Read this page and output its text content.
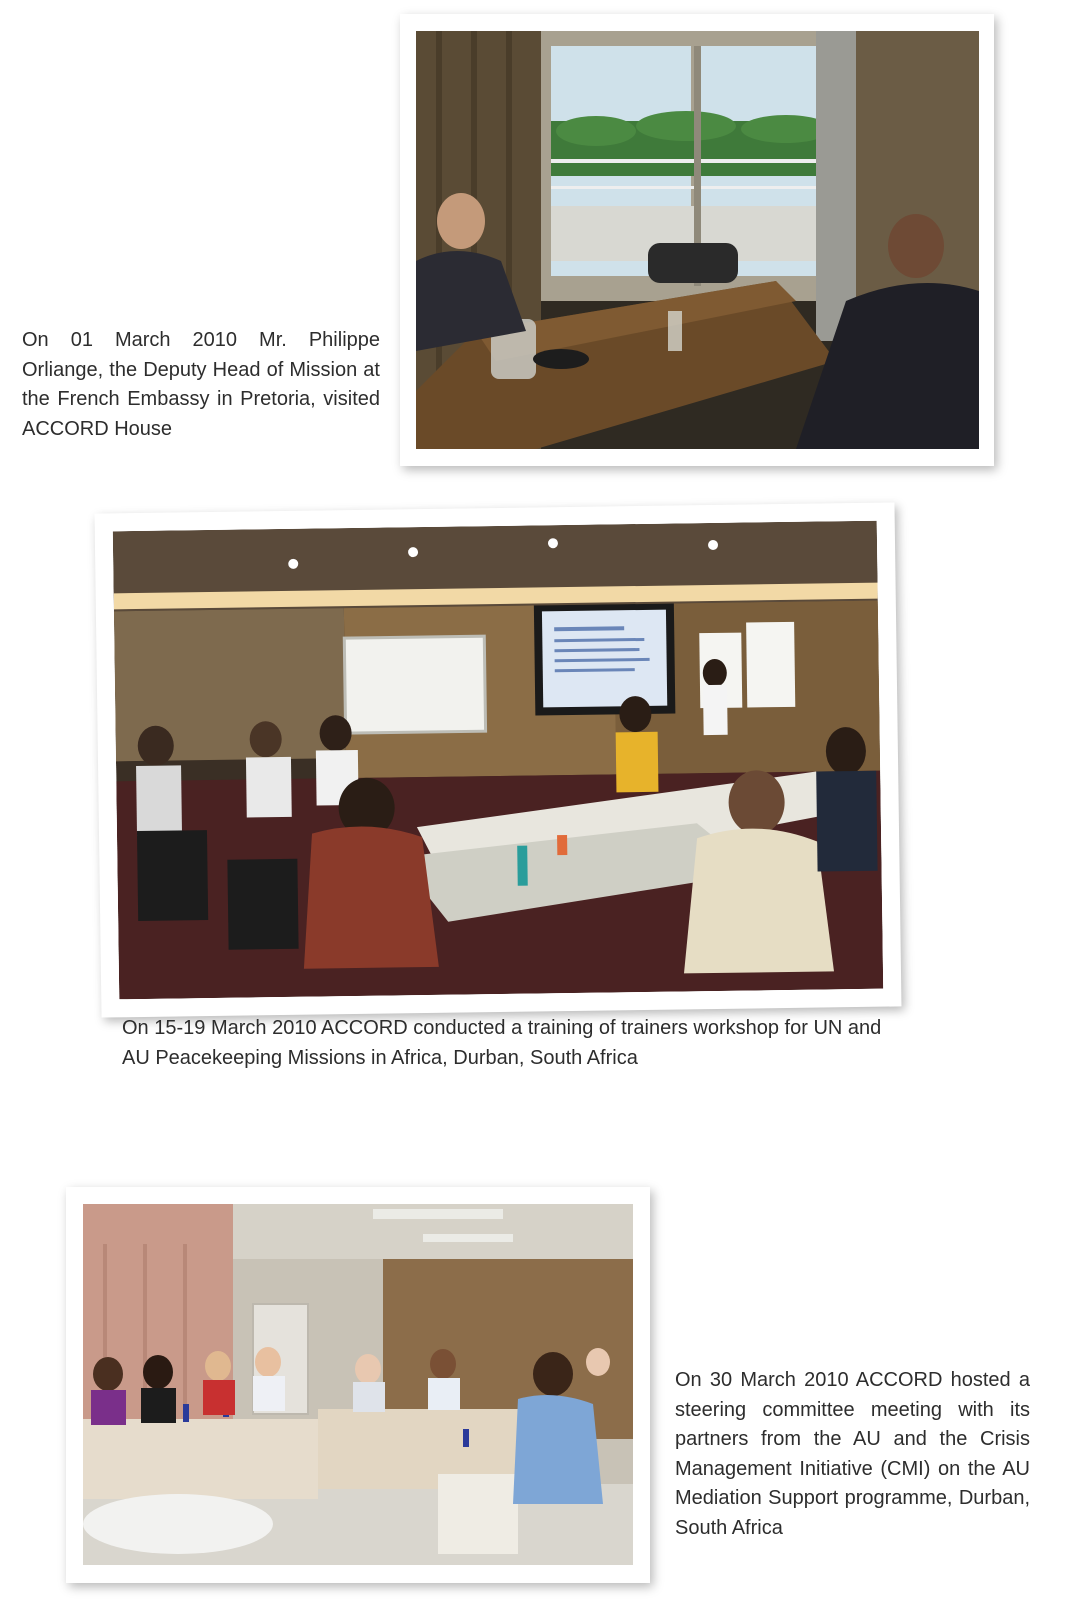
On 01 March 2010 Mr. Philippe Orliange, the Deputy Head of Mission at the French Embassy in Pretoria, visited ACCORD House
On 15-19 March 2010 ACCORD conducted a training of trainers workshop for UN and AU Peacekeeping Missions in Africa, Durban, South Africa
On 30 March 2010 ACCORD hosted a steering committee meeting with its partners from the AU and the Crisis Management Initiative (CMI) on the AU Mediation Support programme, Durban, South Africa
